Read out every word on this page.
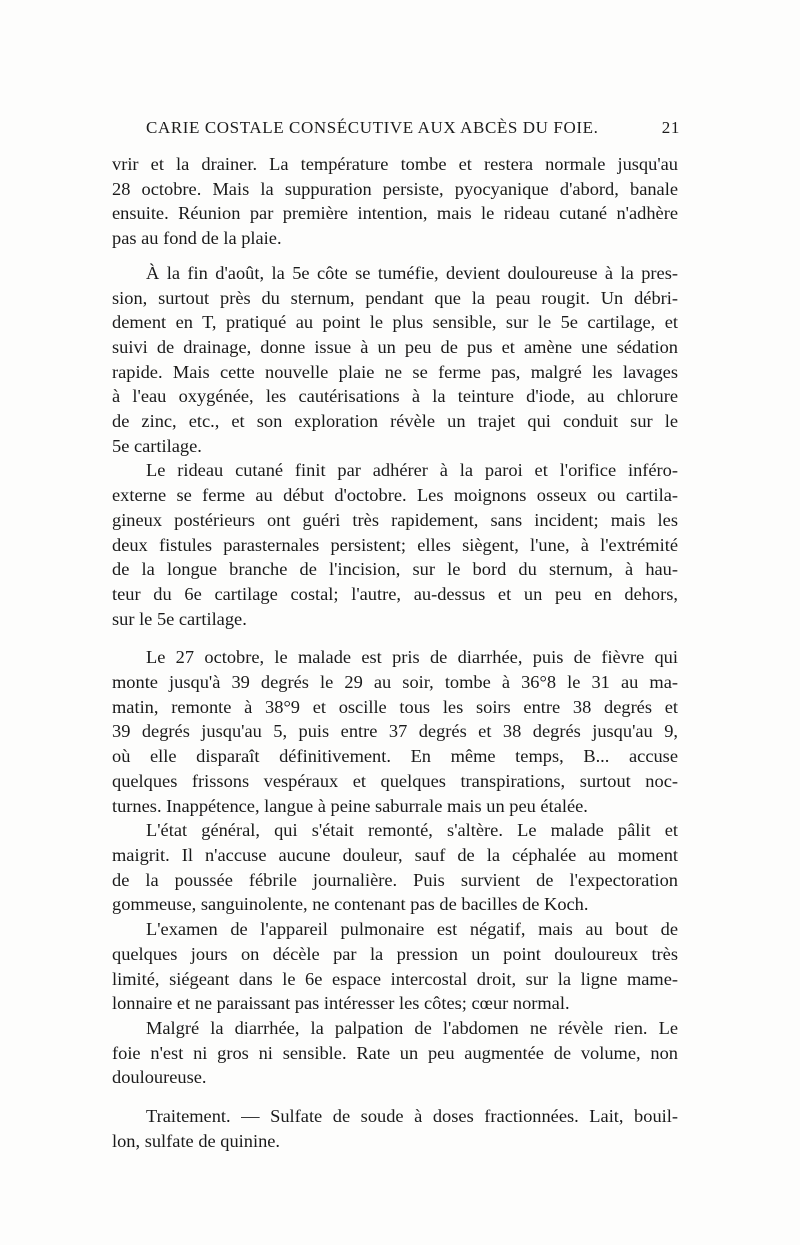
CARIE COSTALE CONSÉCUTIVE AUX ABCÈS DU FOIE.	21
vrir et la drainer. La température tombe et restera normale jusqu'au
28 octobre. Mais la suppuration persiste, pyocyanique d'abord, banale
ensuite. Réunion par première intention, mais le rideau cutané n'adhère
pas au fond de la plaie.
À la fin d'août, la 5e côte se tuméfie, devient douloureuse à la pres-
sion, surtout près du sternum, pendant que la peau rougit. Un débri-
dement en T, pratiqué au point le plus sensible, sur le 5e cartilage, et
suivi de drainage, donne issue à un peu de pus et amène une sédation
rapide. Mais cette nouvelle plaie ne se ferme pas, malgré les lavages
à l'eau oxygénée, les cautérisations à la teinture d'iode, au chlorure
de zinc, etc., et son exploration révèle un trajet qui conduit sur le
5e cartilage.
Le rideau cutané finit par adhérer à la paroi et l'orifice inféro-
externe se ferme au début d'octobre. Les moignons osseux ou cartila-
gineux postérieurs ont guéri très rapidement, sans incident; mais les
deux fistules parasternales persistent; elles siègent, l'une, à l'extrémité
de la longue branche de l'incision, sur le bord du sternum, à hau-
teur du 6e cartilage costal; l'autre, au-dessus et un peu en dehors,
sur le 5e cartilage.
Le 27 octobre, le malade est pris de diarrhée, puis de fièvre qui
monte jusqu'à 39 degrés le 29 au soir, tombe à 36°8 le 31 au ma-
matin, remonte à 38°9 et oscille tous les soirs entre 38 degrés et
39 degrés jusqu'au 5, puis entre 37 degrés et 38 degrés jusqu'au 9,
où elle disparaît définitivement. En même temps, B... accuse
quelques frissons vespéraux et quelques transpirations, surtout noc-
turnes. Inappétence, langue à peine saburrale mais un peu étalée.
L'état général, qui s'était remonté, s'altère. Le malade pâlit et
maigrit. Il n'accuse aucune douleur, sauf de la céphalée au moment
de la poussée fébrile journalière. Puis survient de l'expectoration
gommeuse, sanguinolente, ne contenant pas de bacilles de Koch.
L'examen de l'appareil pulmonaire est négatif, mais au bout de
quelques jours on décèle par la pression un point douloureux très
limité, siégeant dans le 6e espace intercostal droit, sur la ligne mame-
lonnaire et ne paraissant pas intéresser les côtes; cœur normal.
Malgré la diarrhée, la palpation de l'abdomen ne révèle rien. Le
foie n'est ni gros ni sensible. Rate un peu augmentée de volume, non
douloureuse.
Traitement. — Sulfate de soude à doses fractionnées. Lait, bouil-
lon, sulfate de quinine.
